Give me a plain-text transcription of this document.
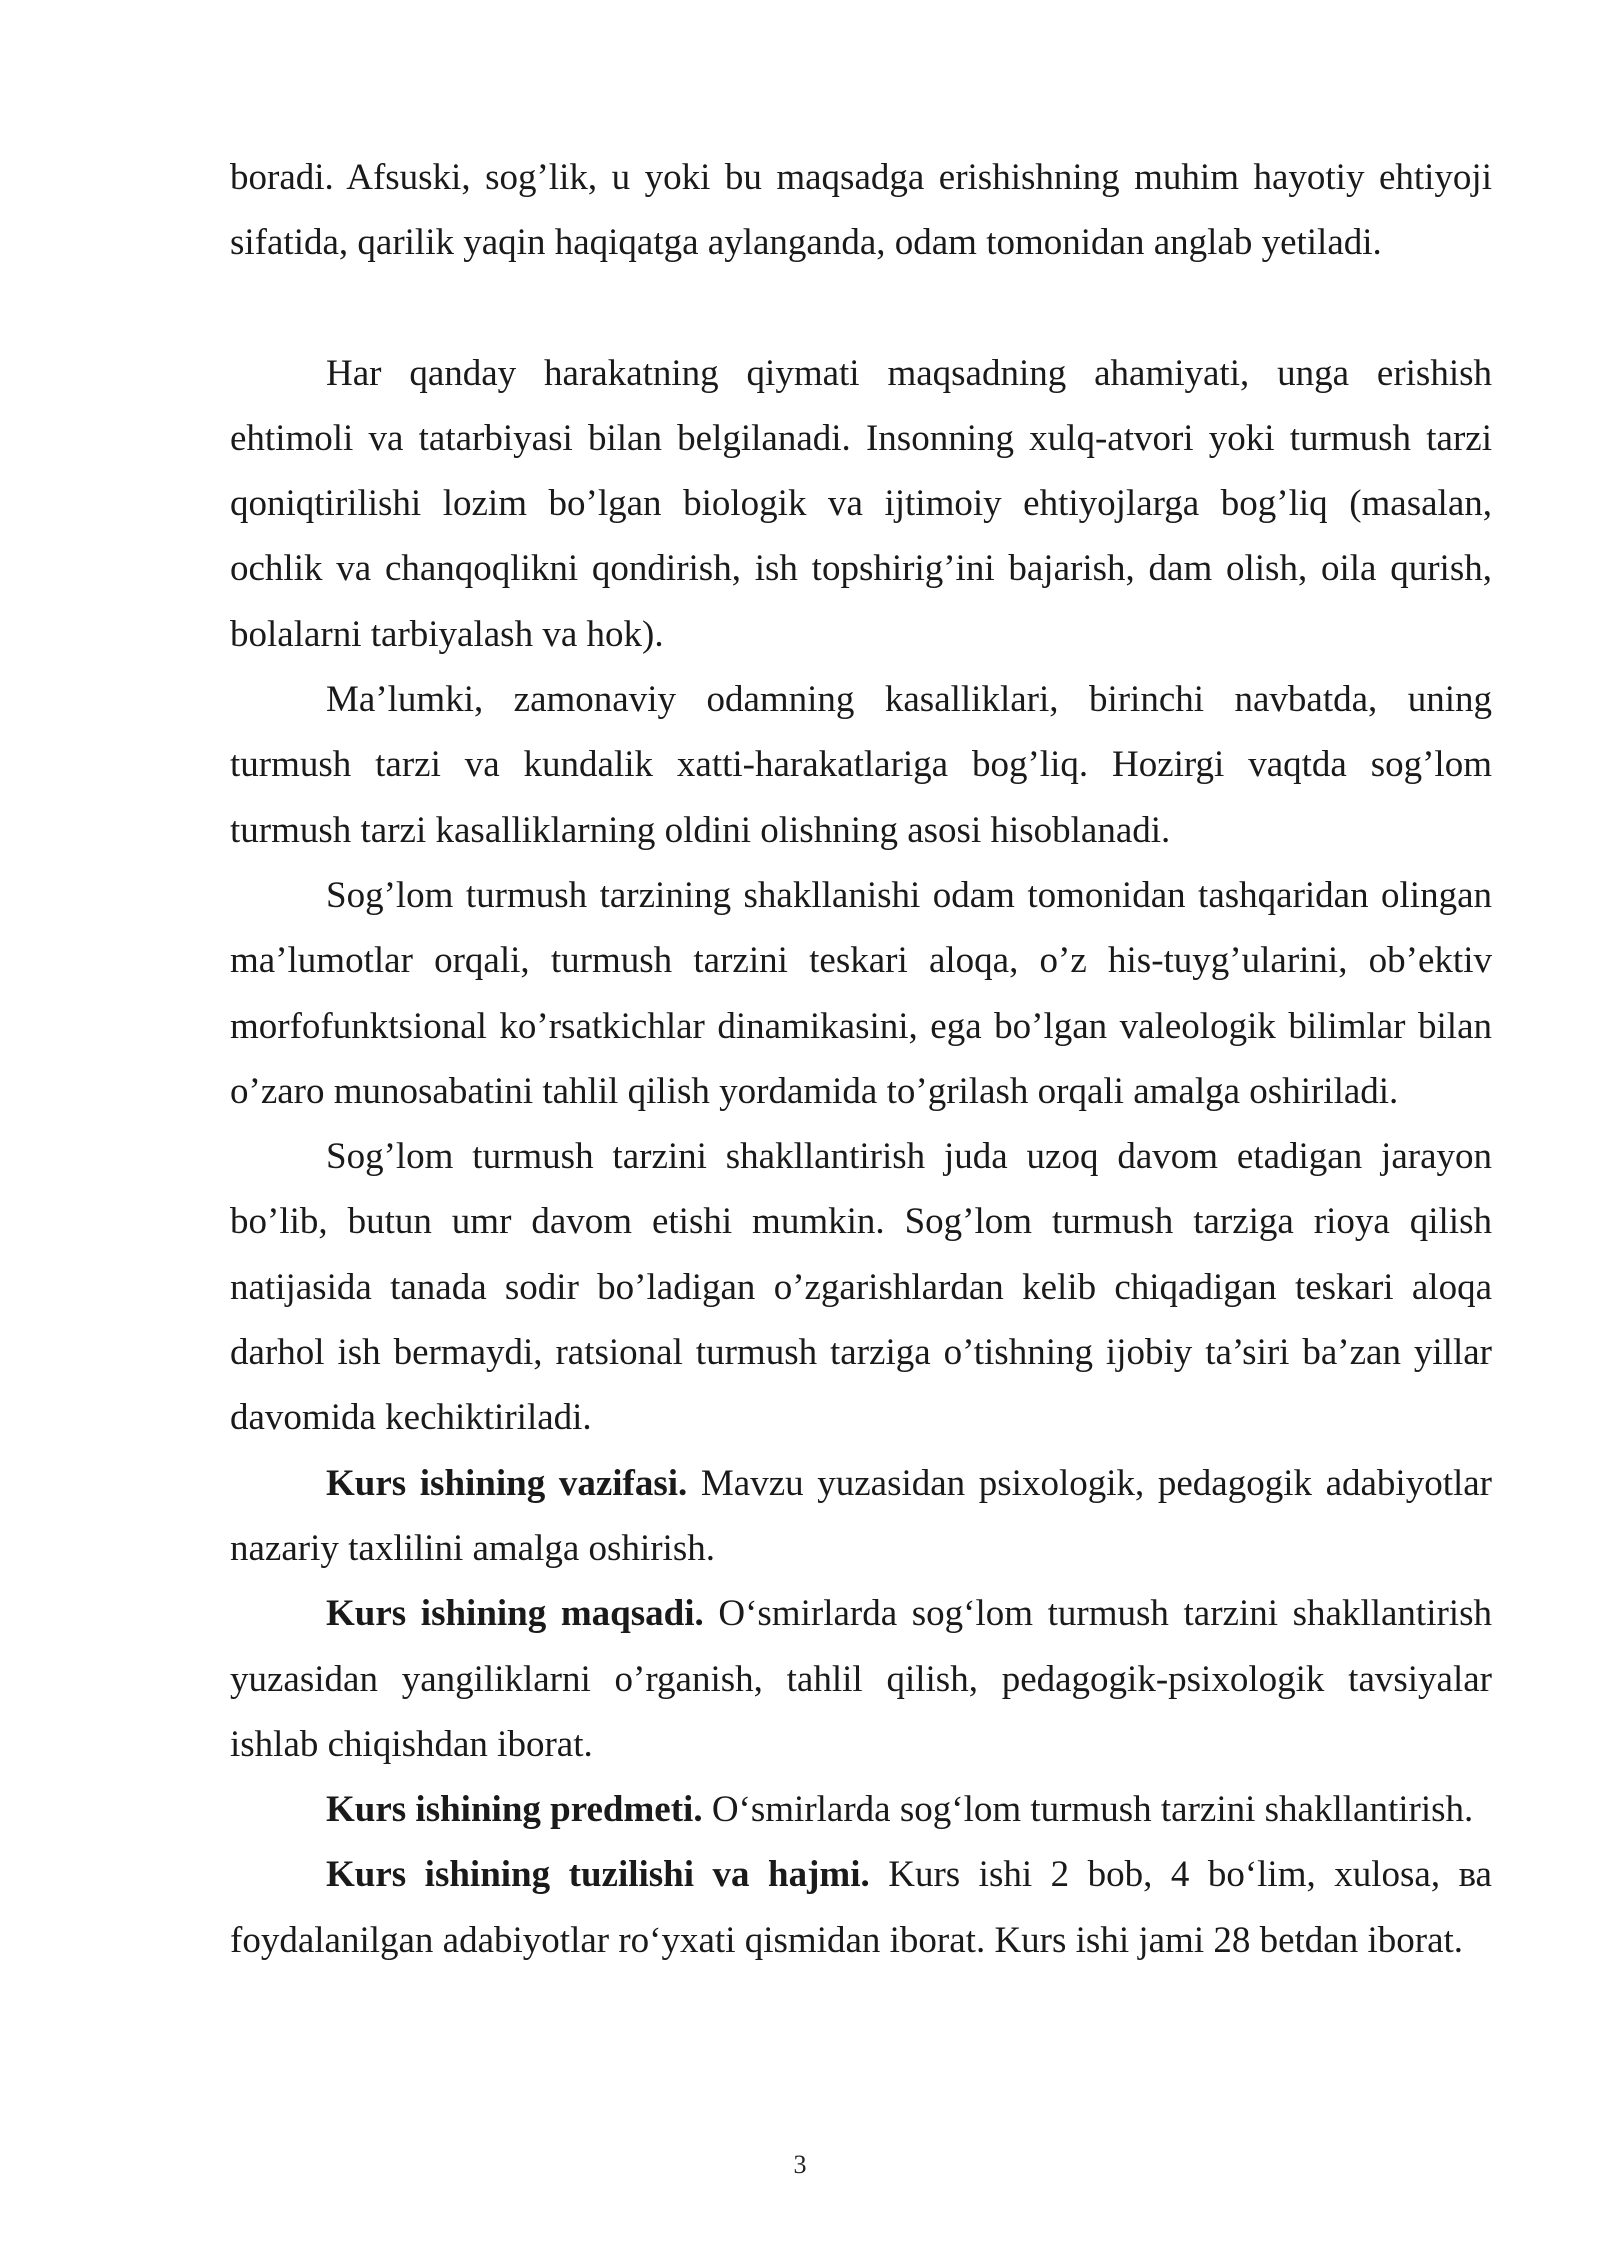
boradi. Afsuski, sog’lik, u yoki bu maqsadga erishishning muhim hayotiy ehtiyoji sifatida, qarilik yaqin haqiqatga aylanganda, odam tomonidan anglab yetiladi.

Har qanday harakatning qiymati maqsadning ahamiyati, unga erishish ehtimoli va tatarbiyasi bilan belgilanadi. Insonning xulq-atvori yoki turmush tarzi qoniqtirilishi lozim bo’lgan biologik va ijtimoiy ehtiyojlarga bog’liq (masalan, ochlik va chanqoqlikni qondirish, ish topshirig’ini bajarish, dam olish, oila qurish, bolalarni tarbiyalash va hok).

Ma’lumki, zamonaviy odamning kasalliklari, birinchi navbatda, uning turmush tarzi va kundalik xatti-harakatlariga bog’liq. Hozirgi vaqtda sog’lom turmush tarzi kasalliklarning oldini olishning asosi hisoblanadi.

Sog’lom turmush tarzining shakllanishi odam tomonidan tashqaridan olingan ma’lumotlar orqali, turmush tarzini teskari aloqa, o’z his-tuyg’ularini, ob’ektiv morfofunktsional ko’rsatkichlar dinamikasini, ega bo’lgan valeologik bilimlar bilan o’zaro munosabatini tahlil qilish yordamida to’grilash orqali amalga oshiriladi.

Sog’lom turmush tarzini shakllantirish juda uzoq davom etadigan jarayon bo’lib, butun umr davom etishi mumkin. Sog’lom turmush tarziga rioya qilish natijasida tanada sodir bo’ladigan o’zgarishlardan kelib chiqadigan teskari aloqa darhol ish bermaydi, ratsional turmush tarziga o’tishning ijobiy ta’siri ba’zan yillar davomida kechiktiriladi.

Kurs ishining vazifasi. Mavzu yuzasidan psixologik, pedagogik adabiyotlar nazariy taxlilini amalga oshirish.

Kurs ishining maqsadi. O‘smirlarda sog‘lom turmush tarzini shakllantirish yuzasidan yangiliklarni o’rganish, tahlil qilish, pedagogik-psixologik tavsiyalar ishlab chiqishdan iborat.

Kurs ishining predmeti. O‘smirlarda sog‘lom turmush tarzini shakllantirish.

Kurs ishining tuzilishi va hajmi. Kurs ishi 2 bob, 4 bo‘lim, xulosa, ва foydalanilgan adabiyotlar ro‘yxati qismidan iborat. Kurs ishi jami 28 betdan iborat.

3
